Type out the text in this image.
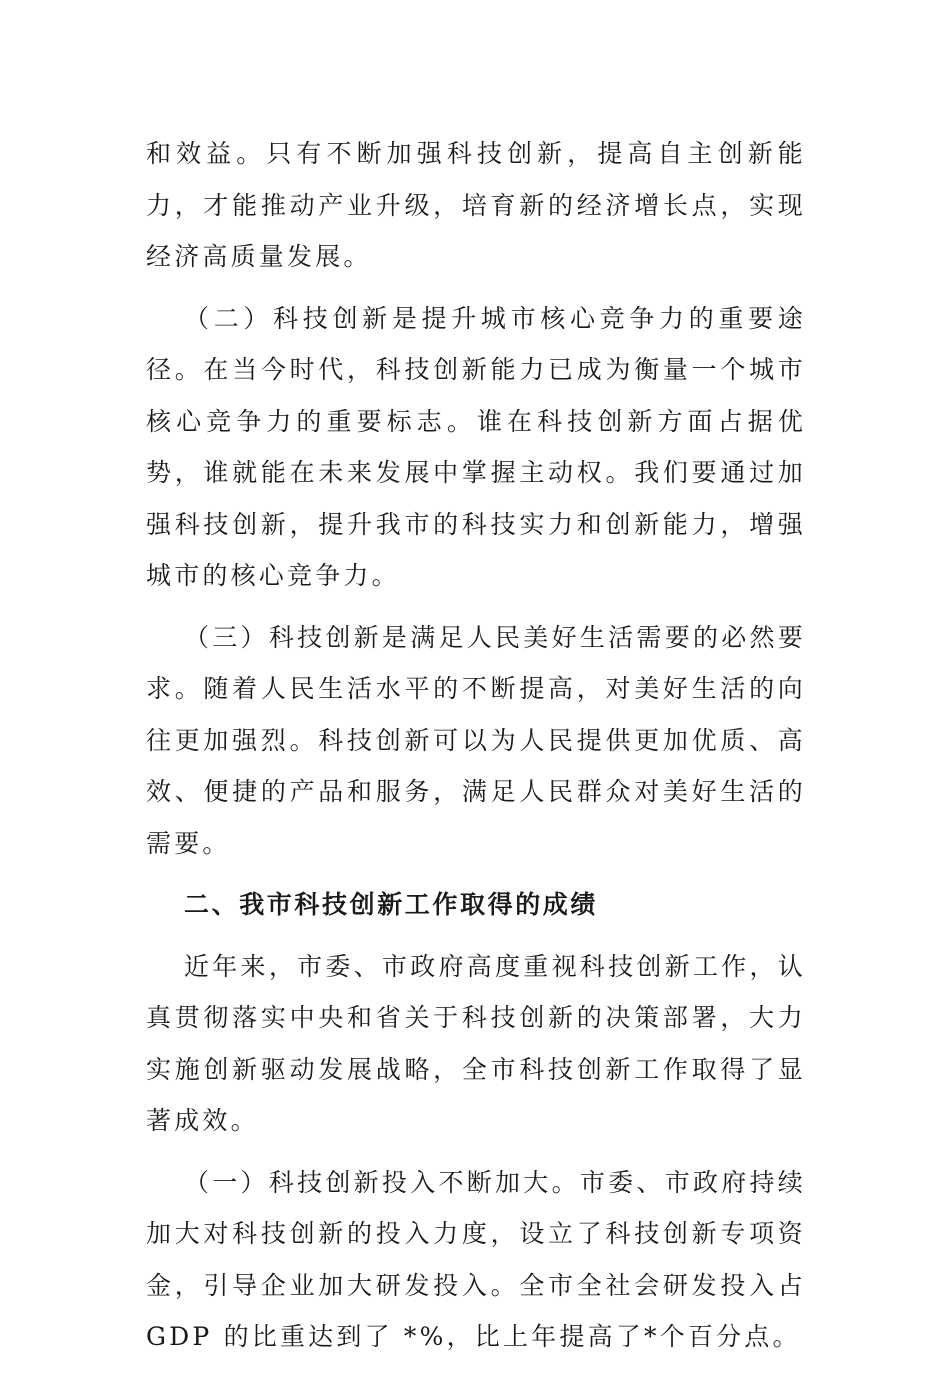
和效益。只有不断加强科技创新，提高自主创新能力，才能推动产业升级，培育新的经济增长点，实现经济高质量发展。

（二）科技创新是提升城市核心竞争力的重要途径。在当今时代，科技创新能力已成为衡量一个城市核心竞争力的重要标志。谁在科技创新方面占据优势，谁就能在未来发展中掌握主动权。我们要通过加强科技创新，提升我市的科技实力和创新能力，增强城市的核心竞争力。

（三）科技创新是满足人民美好生活需要的必然要求。随着人民生活水平的不断提高，对美好生活的向往更加强烈。科技创新可以为人民提供更加优质、高效、便捷的产品和服务，满足人民群众对美好生活的需要。

二、我市科技创新工作取得的成绩

近年来，市委、市政府高度重视科技创新工作，认真贯彻落实中央和省关于科技创新的决策部署，大力实施创新驱动发展战略，全市科技创新工作取得了显著成效。

（一）科技创新投入不断加大。市委、市政府持续加大对科技创新的投入力度，设立了科技创新专项资金，引导企业加大研发投入。全市全社会研发投入占 GDP 的比重达到了 *%，比上年提高了*个百分点。
